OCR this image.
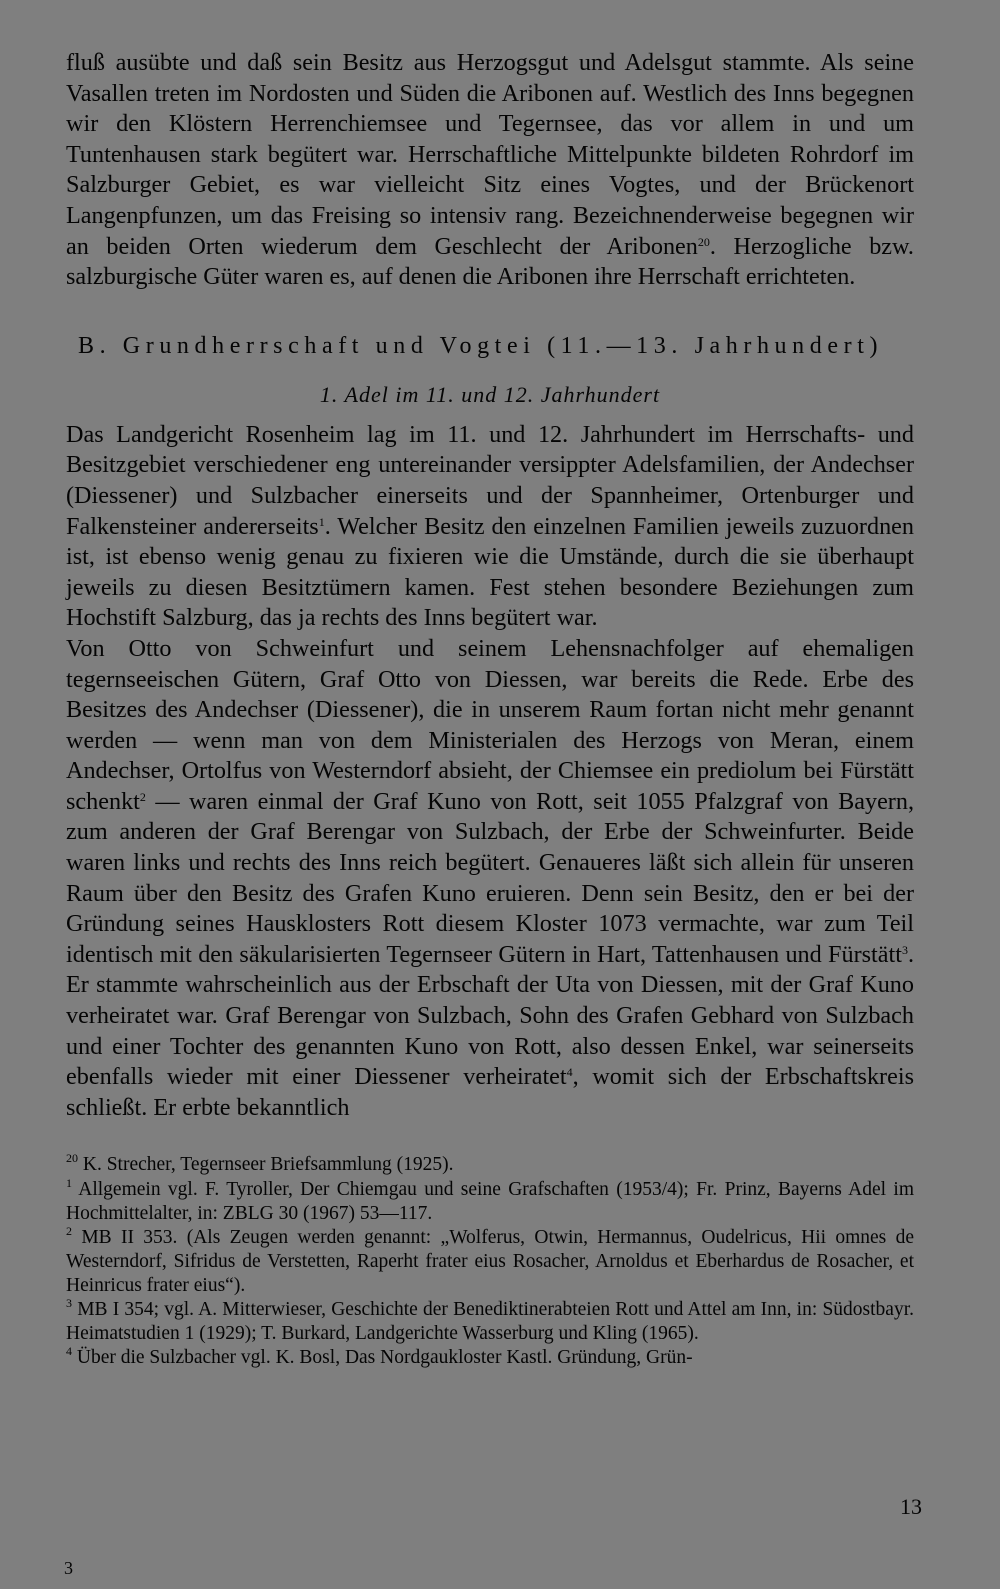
fluß ausübte und daß sein Besitz aus Herzogsgut und Adelsgut stammte. Als seine Vasallen treten im Nordosten und Süden die Aribonen auf. Westlich des Inns begegnen wir den Klöstern Herrenchiemsee und Tegernsee, das vor allem in und um Tuntenhausen stark begütert war. Herrschaftliche Mittelpunkte bildeten Rohrdorf im Salzburger Gebiet, es war vielleicht Sitz eines Vogtes, und der Brückenort Langenpfunzen, um das Freising so intensiv rang. Bezeichnenderweise begegnen wir an beiden Orten wiederum dem Geschlecht der Aribonen$^{20}$. Herzogliche bzw. salzburgische Güter waren es, auf denen die Aribonen ihre Herrschaft errichteten.

B. Grundherrschaft und Vogtei (11.—13. Jahrhundert)
1. Adel im 11. und 12. Jahrhundert

Das Landgericht Rosenheim lag im 11. und 12. Jahrhundert im Herrschafts- und Besitzgebiet verschiedener eng untereinander versippter Adelsfamilien, der Andechser (Diessener) und Sulzbacher einerseits und der Spannheimer, Ortenburger und Falkensteiner andererseits$^1$. Welcher Besitz den einzelnen Familien jeweils zuzuordnen ist, ist ebenso wenig genau zu fixieren wie die Umstände, durch die sie überhaupt jeweils zu diesen Besitztümern kamen. Fest stehen besondere Beziehungen zum Hochstift Salzburg, das ja rechts des Inns begütert war.

Von Otto von Schweinfurt und seinem Lehensnachfolger auf ehemaligen tegernseeischen Gütern, Graf Otto von Diessen, war bereits die Rede. Erbe des Besitzes des Andechser (Diessener), die in unserem Raum fortan nicht mehr genannt werden — wenn man von dem Ministerialen des Herzogs von Meran, einem Andechser, Ortolfus von Westerndorf absieht, der Chiemsee ein prediolum bei Fürstätt schenkt$^2$ — waren einmal der Graf Kuno von Rott, seit 1055 Pfalzgraf von Bayern, zum anderen der Graf Berengar von Sulzbach, der Erbe der Schweinfurter. Beide waren links und rechts des Inns reich begütert. Genaueres läßt sich allein für unseren Raum über den Besitz des Grafen Kuno eruieren. Denn sein Besitz, den er bei der Gründung seines Hausklosters Rott diesem Kloster 1073 vermachte, war zum Teil identisch mit den säkularisierten Tegernseer Gütern in Hart, Tattenhausen und Fürstätt$^3$. Er stammte wahrscheinlich aus der Erbschaft der Uta von Diessen, mit der Graf Kuno verheiratet war. Graf Berengar von Sulzbach, Sohn des Grafen Gebhard von Sulzbach und einer Tochter des genannten Kuno von Rott, also dessen Enkel, war seinerseits ebenfalls wieder mit einer Diessener verheiratet$^4$, womit sich der Erbschaftskreis schließt. Er erbte bekanntlich

$^{20}$ K. Strecher, Tegernseer Briefsammlung (1925).

$^1$ Allgemein vgl. F. Tyroller, Der Chiemgau und seine Grafschaften (1953/4); Fr. Prinz, Bayerns Adel im Hochmittelalter, in: ZBLG 30 (1967) 53—117.

$^2$ MB II 353. (Als Zeugen werden genannt: „Wolferus, Otwin, Hermannus, Oudelricus, Hii omnes de Westerndorf, Sifridus de Verstetten, Raperht frater eius Rosacher, Arnoldus et Eberhardus de Rosacher, et Heinricus frater eius“).

$^3$ MB I 354; vgl. A. Mitterwieser, Geschichte der Benediktinerabteien Rott und Attel am Inn, in: Südostbayr. Heimatstudien 1 (1929); T. Burkard, Landgerichte Wasserburg und Kling (1965).

$^4$ Über die Sulzbacher vgl. K. Bosl, Das Nordgaukloster Kastl. Gründung, Grün-

13
3
